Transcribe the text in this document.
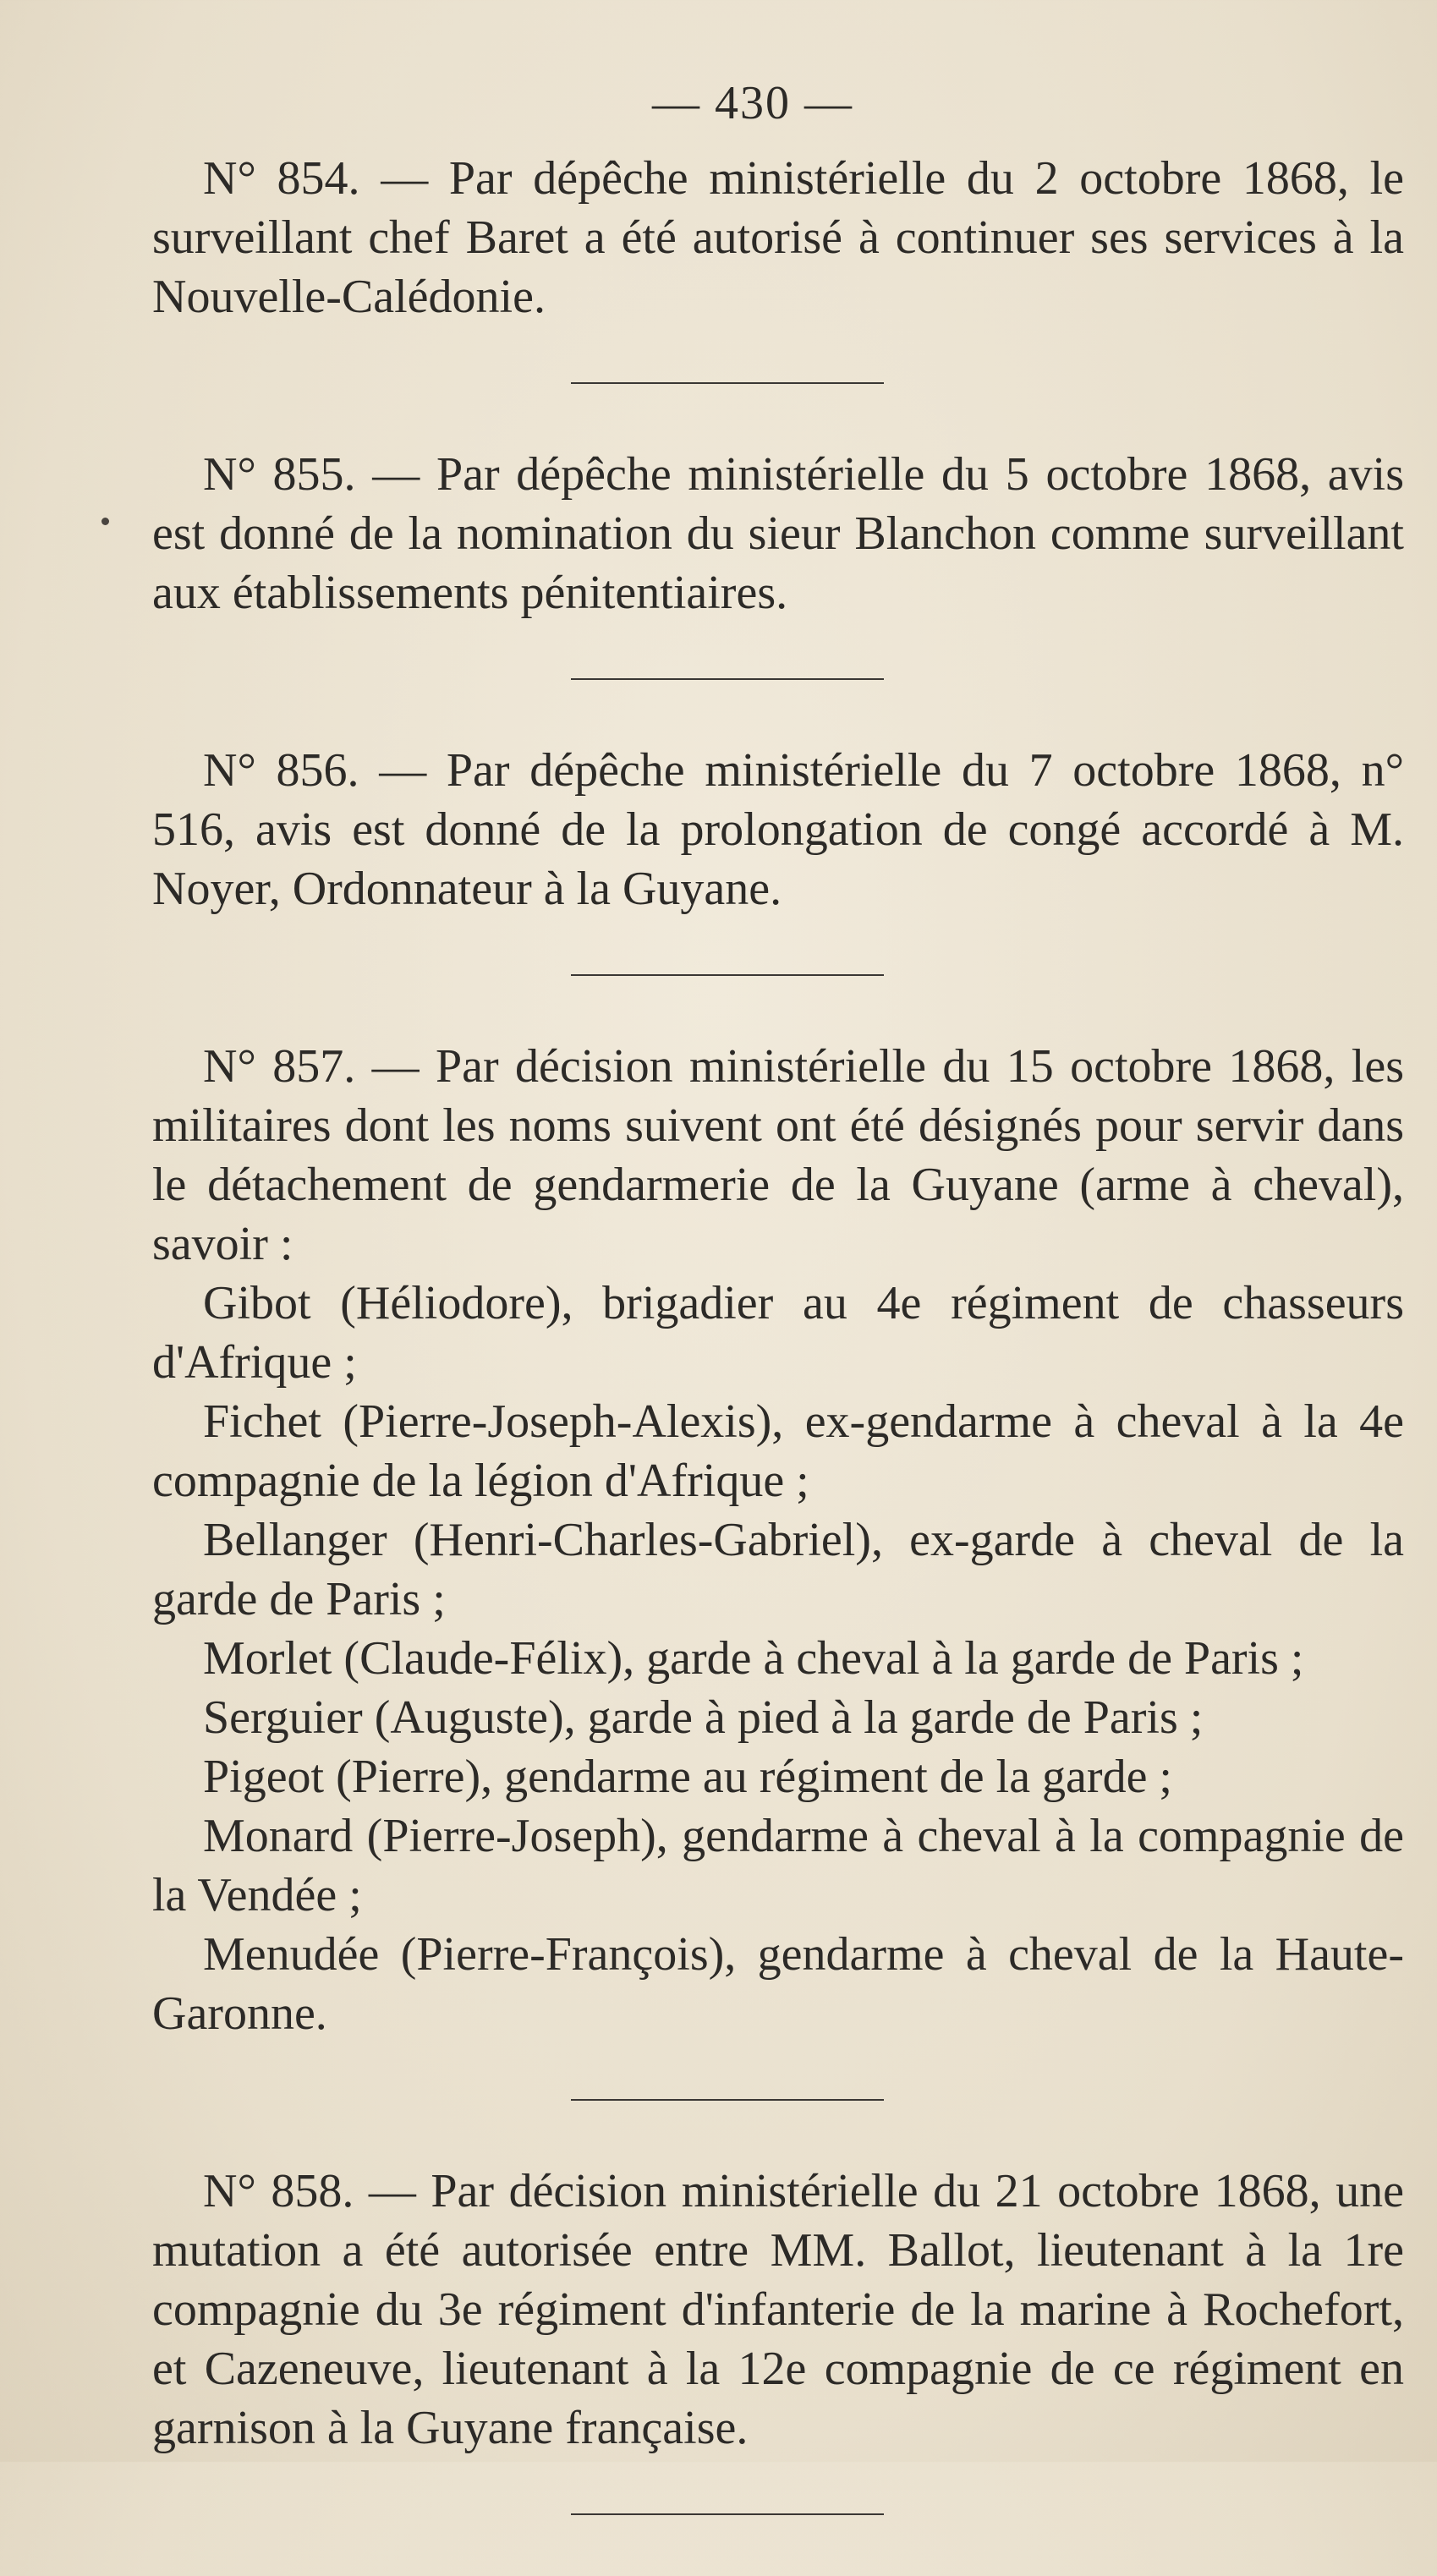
— 430 —

N° 854. — Par dépêche ministérielle du 2 octobre 1868, le surveillant chef Baret a été autorisé à continuer ses services à la Nouvelle-Calédonie.

N° 855. — Par dépêche ministérielle du 5 octobre 1868, avis est donné de la nomination du sieur Blanchon comme surveillant aux établissements pénitentiaires.

N° 856. — Par dépêche ministérielle du 7 octobre 1868, n° 516, avis est donné de la prolongation de congé accordé à M. Noyer, Ordonnateur à la Guyane.

N° 857. — Par décision ministérielle du 15 octobre 1868, les militaires dont les noms suivent ont été désignés pour servir dans le détachement de gendarmerie de la Guyane (arme à cheval), savoir :

Gibot (Héliodore), brigadier au 4e régiment de chasseurs d'Afrique ;

Fichet (Pierre-Joseph-Alexis), ex-gendarme à cheval à la 4e compagnie de la légion d'Afrique ;

Bellanger (Henri-Charles-Gabriel), ex-garde à cheval de la garde de Paris ;

Morlet (Claude-Félix), garde à cheval à la garde de Paris ;

Serguier (Auguste), garde à pied à la garde de Paris ;

Pigeot (Pierre), gendarme au régiment de la garde ;

Monard (Pierre-Joseph), gendarme à cheval à la compagnie de la Vendée ;

Menudée (Pierre-François), gendarme à cheval de la Haute-Garonne.

N° 858. — Par décision ministérielle du 21 octobre 1868, une mutation a été autorisée entre MM. Ballot, lieutenant à la 1re compagnie du 3e régiment d'infanterie de la marine à Rochefort, et Cazeneuve, lieutenant à la 12e compagnie de ce régiment en garnison à la Guyane française.
